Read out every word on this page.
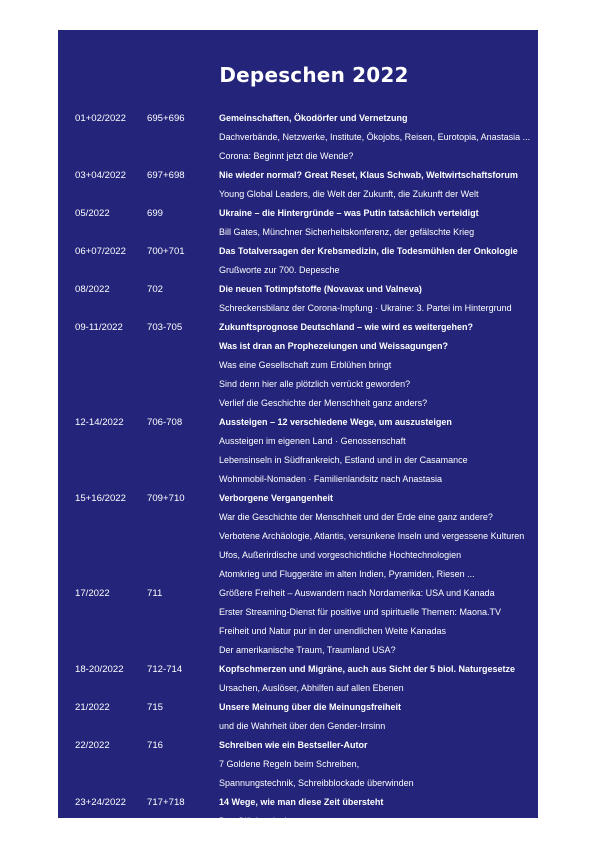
Depeschen 2022
01+02/2022 695+696	Gemeinschaften, Ökodörfer und Vernetzung
Dachverbände, Netzwerke, Institute, Ökojobs, Reisen, Eurotopia, Anastasia ...
Corona: Beginnt jetzt die Wende?
03+04/2022 697+698	Nie wieder normal? Great Reset, Klaus Schwab, Weltwirtschaftsforum
Young Global Leaders, die Welt der Zukunft, die Zukunft der Welt
05/2022	699	Ukraine – die Hintergründe – was Putin tatsächlich verteidigt
Bill Gates, Münchner Sicherheitskonferenz, der gefälschte Krieg
06+07/2022 700+701	Das Totalversagen der Krebsmedizin, die Todesmühlen der Onkologie
Grußworte zur 700. Depesche
08/2022	702	Die neuen Totimpfstoffe (Novavax und Valneva)
Schreckensbilanz der Corona-Impfung · Ukraine: 3. Partei im Hintergrund
09-11/2022	703-705	Zukunftsprognose Deutschland – wie wird es weitergehen?
Was ist dran an Prophezeiungen und Weissagungen?
Was eine Gesellschaft zum Erblühen bringt
Sind denn hier alle plötzlich verrückt geworden?
Verlief die Geschichte der Menschheit ganz anders?
12-14/2022 706-708	Aussteigen – 12 verschiedene Wege, um auszusteigen
Aussteigen im eigenen Land · Genossenschaft
Lebensinseln in Südfrankreich, Estland und in der Casamance
Wohnmobil-Nomaden · Familienlandsitz nach Anastasia
15+16/2022 709+710	Verborgene Vergangenheit
War die Geschichte der Menschheit und der Erde eine ganz andere?
Verbotene Archäologie, Atlantis, versunkene Inseln und vergessene Kulturen
Ufos, Außerirdische und vorgeschichtliche Hochtechnologien
Atomkrieg und Fluggeräte im alten Indien, Pyramiden, Riesen ...
17/2022	711	Größere Freiheit – Auswandern nach Nordamerika: USA und Kanada
Erster Streaming-Dienst für positive und spirituelle Themen: Maona.TV
Freiheit und Natur pur in der unendlichen Weite Kanadas
Der amerikanische Traum, Traumland USA?
18-20/2022 712-714	Kopfschmerzen und Migräne, auch aus Sicht der 5 biol. Naturgesetze
Ursachen, Auslöser, Abhilfen auf allen Ebenen
21/2022	715	Unsere Meinung über die Meinungsfreiheit
und die Wahrheit über den Gender-Irrsinn
22/2022	716	Schreiben wie ein Bestseller-Autor
7 Goldene Regeln beim Schreiben,
Spannungstechnik, Schreibblockade überwinden
23+24/2022 717+718	14 Wege, wie man diese Zeit übersteht
Das Glücksprinzip
